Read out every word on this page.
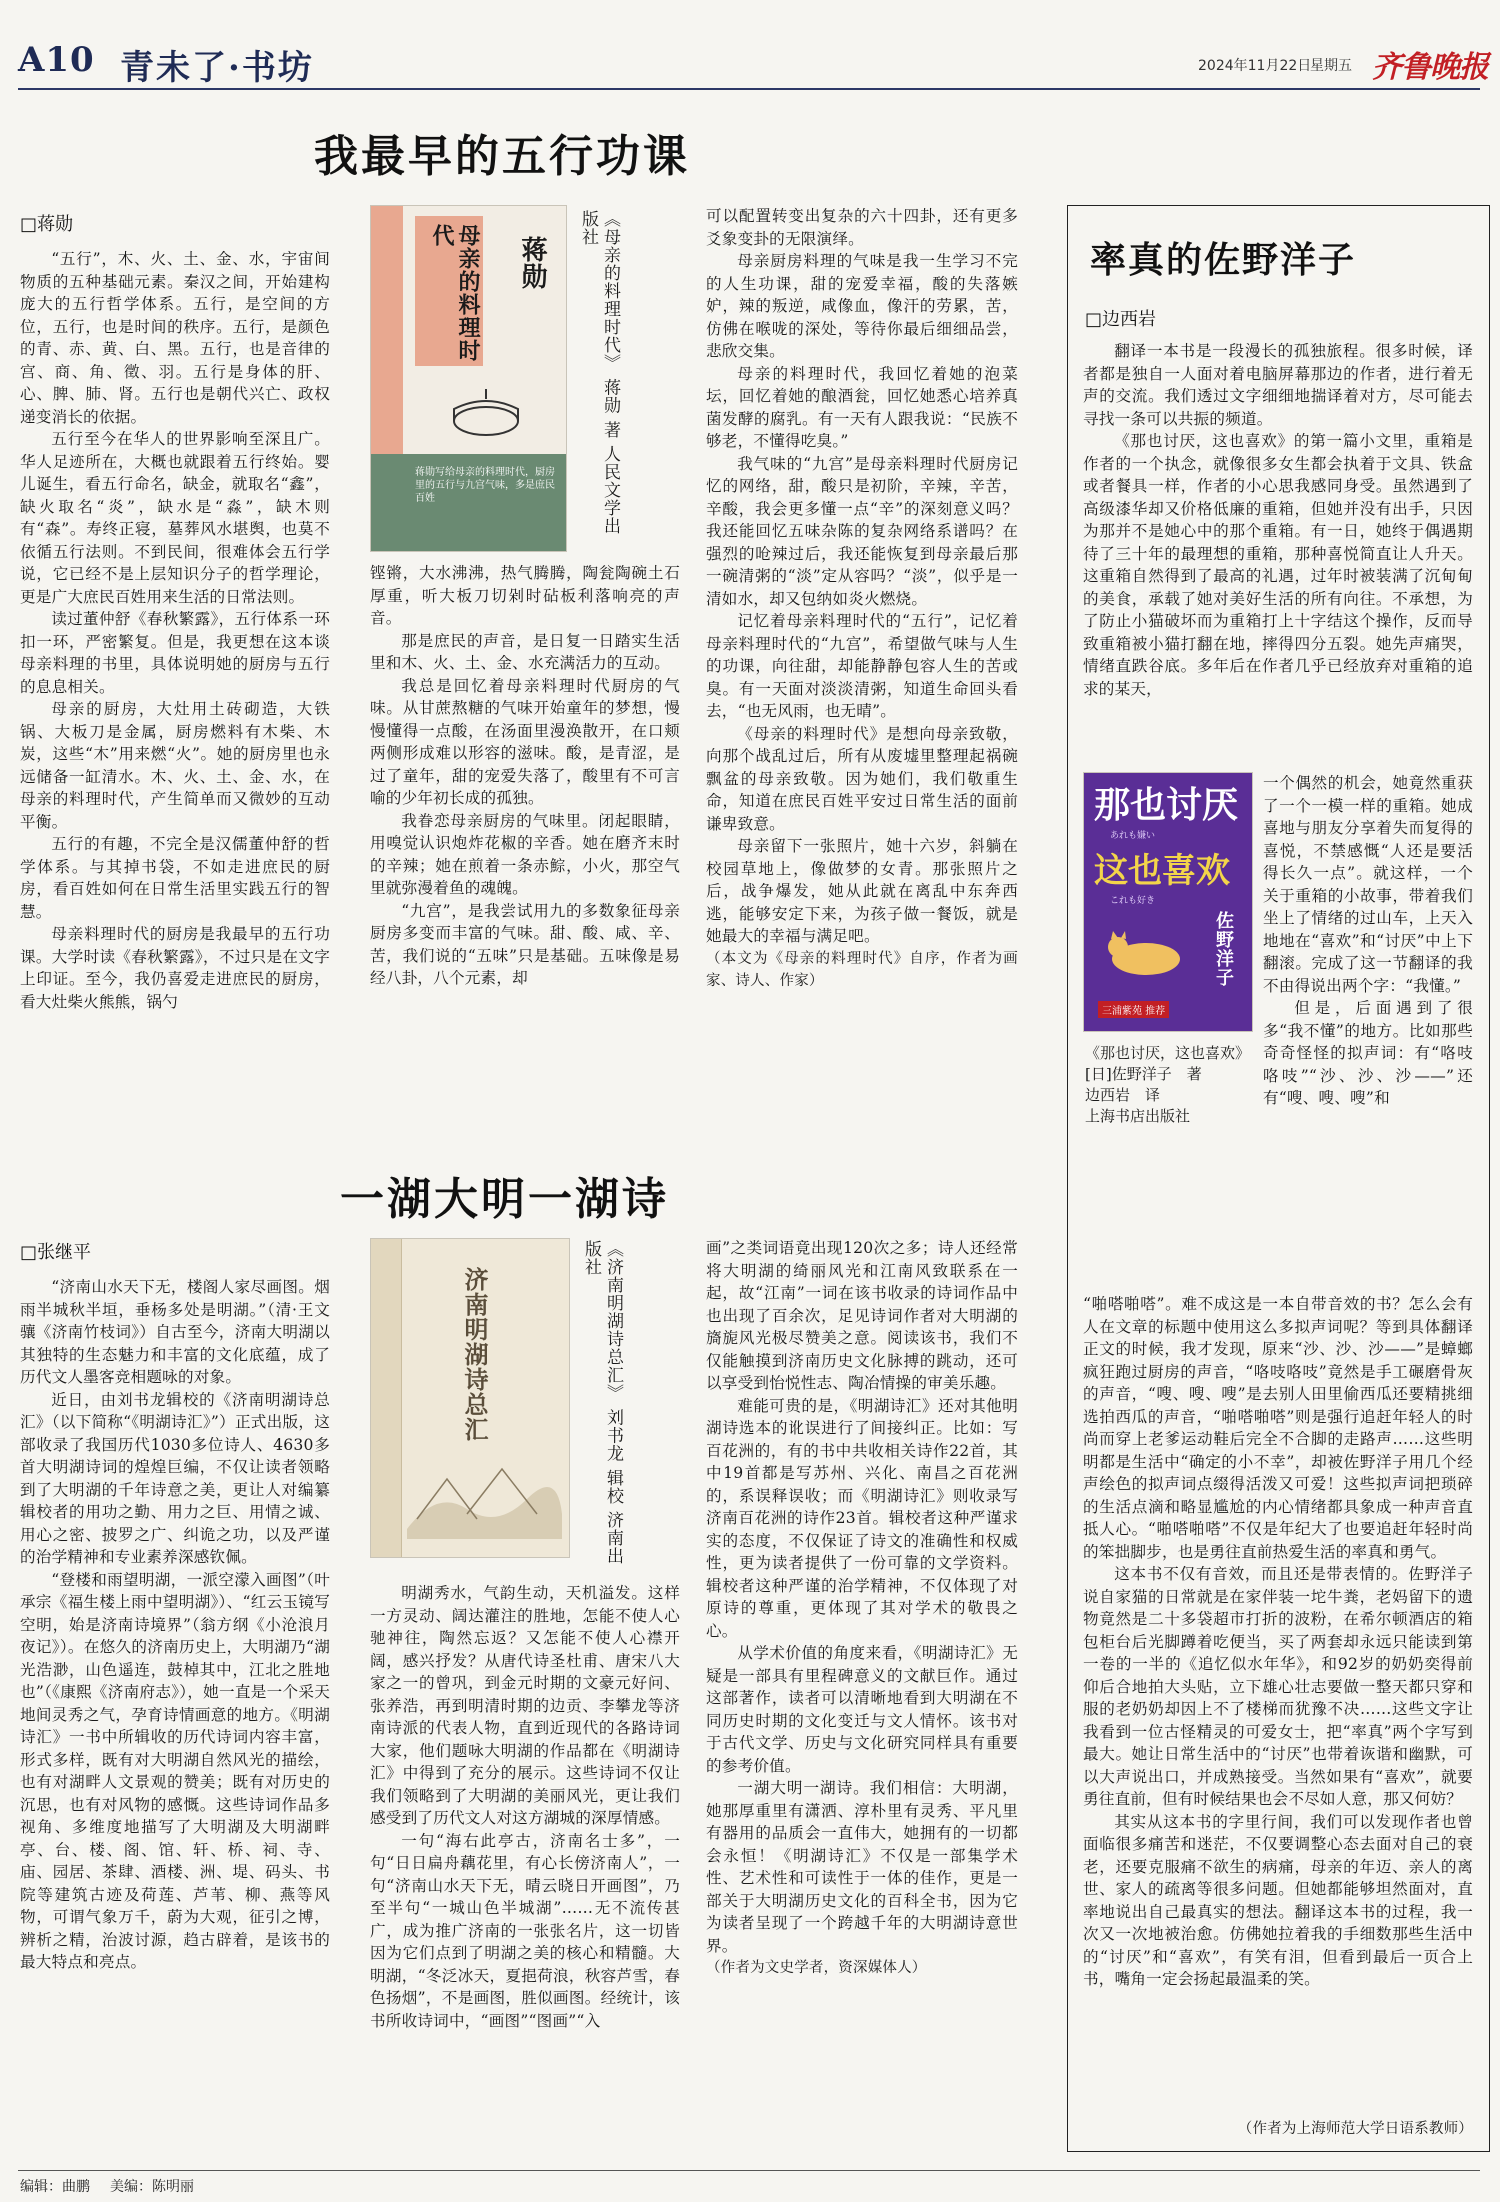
A10 青未了·书坊	2024年11月22日
星期五 齐鲁晚报
我最早的五行功课
□蒋勋

“五行”，木、火、土、金、水，宇宙间物质的五种基础元素。秦汉之间，开始建构庞大的五行哲学体系。五行，是空间的方位，五行，也是时间的秩序。五行，是颜色的青、赤、黄、白、黑。五行，也是音律的宫、商、角、徵、羽。五行是身体的肝、心、脾、肺、肾。五行也是朝代兴亡、政权递变消长的依据。

五行至今在华人的世界影响至深且广。华人足迹所在，大概也就跟着五行终始。婴儿诞生，看五行命名，缺金，就取名“鑫”，缺火取名“炎”，缺水是“淼”，缺木则有“森”。寿终正寝，墓葬风水堪舆，也莫不依循五行法则。不到民间，很难体会五行学说，它已经不是上层知识分子的哲学理论，更是广大庶民百姓用来生活的日常法则。

读过董仲舒《春秋繁露》，五行体系一环扣一环，严密繁复。但是，我更想在这本谈母亲料理的书里，具体说明她的厨房与五行的息息相关。

母亲的厨房，大灶用土砖砌造，大铁锅、大板刀是金属，厨房燃料有木柴、木炭，这些“木”用来燃“火”。她的厨房里也永远储备一缸清水。木、火、土、金、水，在母亲的料理时代，产生简单而又微妙的互动平衡。

五行的有趣，不完全是汉儒董仲舒的哲学体系。与其掉书袋，不如走进庶民的厨房，看百姓如何在日常生活里实践五行的智慧。

母亲料理时代的厨房是我最早的五行功课。大学时读《春秋繁露》，不过只是在文字上印证。至今，我仍喜爱走进庶民的厨房，看大灶柴火熊熊，锅勺

母亲的料理时代
蒋勋
蒋勋写给母亲的料理时代，厨房里的五行与九宫气味，多是庶民百姓	《母亲的料理时代》 蒋勋 著 人民文学出版社

铿锵，大水沸沸，热气腾腾，陶瓮陶碗土石厚重，听大板刀切剁时砧板利落响亮的声音。

那是庶民的声音，是日复一日踏实生活里和木、火、土、金、水充满活力的互动。

我总是回忆着母亲料理时代厨房的气味。从甘蔗熬糖的气味开始童年的梦想，慢慢懂得一点酸，在汤面里漫涣散开，在口颊两侧形成难以形容的滋味。酸，是青涩，是过了童年，甜的宠爱失落了，酸里有不可言喻的少年初长成的孤独。

我眷恋母亲厨房的气味里。闭起眼睛，用嗅觉认识炮炸花椒的辛香。她在磨齐末时的辛辣；她在煎着一条赤鯮，小火，那空气里就弥漫着鱼的魂魄。

“九宫”，是我尝试用九的多数象征母亲厨房多变而丰富的气味。甜、酸、咸、辛、苦，我们说的“五味”只是基础。五味像是易经八卦，八个元素，却

可以配置转变出复杂的六十四卦，还有更多爻象变卦的无限演绎。

母亲厨房料理的气味是我一生学习不完的人生功课，甜的宠爱幸福，酸的失落嫉妒，辣的叛逆，咸像血，像汗的劳累，苦，仿佛在喉咙的深处，等待你最后细细品尝，悲欣交集。

母亲的料理时代，我回忆着她的泡菜坛，回忆着她的酿酒瓮，回忆她悉心培养真菌发酵的腐乳。有一天有人跟我说：“民族不够老，不懂得吃臭。”

我气味的“九宫”是母亲料理时代厨房记忆的网络，甜，酸只是初阶，辛辣，辛苦，辛酸，我会更多懂一点“辛”的深刻意义吗？我还能回忆五味杂陈的复杂网络系谱吗？在强烈的呛辣过后，我还能恢复到母亲最后那一碗清粥的“淡”定从容吗？“淡”，似乎是一清如水，却又包纳如炎火燃烧。

记忆着母亲料理时代的“五行”，记忆着母亲料理时代的“九宫”，希望做气味与人生的功课，向往甜，却能静静包容人生的苦或臭。有一天面对淡淡清粥，知道生命回头看去，“也无风雨，也无晴”。

《母亲的料理时代》是想向母亲致敬，向那个战乱过后，所有从废墟里整理起祸碗飘盆的母亲致敬。因为她们，我们敬重生命，知道在庶民百姓平安过日常生活的面前谦卑致意。

母亲留下一张照片，她十六岁，斜躺在校园草地上，像做梦的女青。那张照片之后，战争爆发，她从此就在离乱中东奔西逃，能够安定下来，为孩子做一餐饭，就是她最大的幸福与满足吧。

（本文为《母亲的料理时代》自序，作者为画家、诗人、作家）

一湖大明一湖诗
□张继平

“济南山水天下无，楼阁人家尽画图。烟雨半城秋半垣，垂杨多处是明湖。”（清·王文骧《济南竹枝词》）自古至今，济南大明湖以其独特的生态魅力和丰富的文化底蕴，成了历代文人墨客竞相题咏的对象。

近日，由刘书龙辑校的《济南明湖诗总汇》（以下简称“《明湖诗汇》”）正式出版，这部收录了我国历代1030多位诗人、4630多首大明湖诗词的煌煌巨编，不仅让读者领略到了大明湖的千年诗意之美，更让人对编纂辑校者的用功之勤、用力之巨、用情之诚、用心之密、披罗之广、纠诡之功，以及严谨的治学精神和专业素养深感钦佩。

“登楼和雨望明湖，一派空濛入画图”（叶承宗《福生楼上雨中望明湖》）、“红云玉镜写空明，始是济南诗境界”（翁方纲《小沧浪月夜记》）。在悠久的济南历史上，大明湖乃“湖光浩渺，山色遥连，鼓棹其中，江北之胜地也”（《康熙《济南府志》），她一直是一个采天地间灵秀之气，孕育诗情画意的地方。《明湖诗汇》一书中所辑收的历代诗词内容丰富，形式多样，既有对大明湖自然风光的描绘，也有对湖畔人文景观的赞美；既有对历史的沉思，也有对风物的感慨。这些诗词作品多视角、多维度地描写了大明湖及大明湖畔亭、台、楼、阁、馆、轩、桥、祠、寺、庙、园居、茶肆、酒楼、洲、堤、码头、书院等建筑古迹及荷莲、芦苇、柳、燕等风物，可谓气象万千，蔚为大观，征引之博，辨析之精，治波讨源，趋古辟着，是该书的最大特点和亮点。

济南明湖诗总汇	《济南明湖诗总汇》 刘书龙 辑校 济南出版社

明湖秀水，气韵生动，天机溢发。这样一方灵动、阔达灌注的胜地，怎能不使人心驰神往，陶然忘返？又怎能不使人心襟开阔，感兴抒发？从唐代诗圣杜甫、唐宋八大家之一的曾巩，到金元时期的文豪元好问、张养浩，再到明清时期的边贡、李攀龙等济南诗派的代表人物，直到近现代的各路诗词大家，他们题咏大明湖的作品都在《明湖诗汇》中得到了充分的展示。这些诗词不仅让我们领略到了大明湖的美丽风光，更让我们感受到了历代文人对这方湖城的深厚情感。

一句“海右此亭古，济南名士多”，一句“日日扁舟藕花里，有心长傍济南人”，一句“济南山水天下无，晴云晓日开画图”，乃至半句“一城山色半城湖”……无不流传甚广，成为推广济南的一张张名片，这一切皆因为它们点到了明湖之美的核心和精髓。大明湖，“冬泛冰天，夏挹荷浪，秋容芦雪，春色扬烟”，不是画图，胜似画图。经统计，该书所收诗词中，“画图”“图画”“入

画”之类词语竟出现120次之多；诗人还经常将大明湖的绮丽风光和江南风致联系在一起，故“江南”一词在该书收录的诗词作品中也出现了百余次，足见诗词作者对大明湖的旖旎风光极尽赞美之意。阅读该书，我们不仅能触摸到济南历史文化脉搏的跳动，还可以享受到怡悦性志、陶冶情操的审美乐趣。

难能可贵的是，《明湖诗汇》还对其他明湖诗选本的讹误进行了间接纠正。比如：写百花洲的，有的书中共收相关诗作22首，其中19首都是写苏州、兴化、南昌之百花洲的，系误释误收；而《明湖诗汇》则收录写济南百花洲的诗作23首。辑校者这种严谨求实的态度，不仅保证了诗文的准确性和权威性，更为读者提供了一份可靠的文学资料。辑校者这种严谨的治学精神，不仅体现了对原诗的尊重，更体现了其对学术的敬畏之心。

从学术价值的角度来看，《明湖诗汇》无疑是一部具有里程碑意义的文献巨作。通过这部著作，读者可以清晰地看到大明湖在不同历史时期的文化变迁与文人情怀。该书对于古代文学、历史与文化研究同样具有重要的参考价值。

一湖大明一湖诗。我们相信：大明湖，她那厚重里有潇洒、淳朴里有灵秀、平凡里有器用的品质会一直伟大，她拥有的一切都会永恒！《明湖诗汇》不仅是一部集学术性、艺术性和可读性于一体的佳作，更是一部关于大明湖历史文化的百科全书，因为它为读者呈现了一个跨越千年的大明湖诗意世界。

（作者为文史学者，资深媒体人）

率真的佐野洋子
□边西岩

翻译一本书是一段漫长的孤独旅程。很多时候，译者都是独自一人面对着电脑屏幕那边的作者，进行着无声的交流。我们透过文字细细地揣译着对方，尽可能去寻找一条可以共振的频道。

《那也讨厌，这也喜欢》的第一篇小文里，重箱是作者的一个执念，就像很多女生都会执着于文具、铁盒或者餐具一样，作者的小心思我感同身受。虽然遇到了高级漆华却又价格低廉的重箱，但她并没有出手，只因为那并不是她心中的那个重箱。有一日，她终于偶遇期待了三十年的最理想的重箱，那种喜悦简直让人升天。这重箱自然得到了最高的礼遇，过年时被装满了沉甸甸的美食，承载了她对美好生活的所有向往。不承想，为了防止小猫破坏而为重箱打上十字结这个操作，反而导致重箱被小猫打翻在地，摔得四分五裂。她先声痛哭，情绪直跌谷底。多年后在作者几乎已经放弃对重箱的追求的某天，

那也讨厌
あれも嫌い
这也喜欢
これも好き
佐野洋子
三浦紫苑 推荐

一个偶然的机会，她竟然重获了一个一模一样的重箱。她成喜地与朋友分享着失而复得的喜悦，不禁感慨“人还是要活得长久一点”。就这样，一个关于重箱的小故事，带着我们坐上了情绪的过山车，上天入地地在“喜欢”和“讨厌”中上下翻滚。完成了这一节翻译的我不由得说出两个字：“我懂。”

但是，后面遇到了很多“我不懂”的地方。比如那些奇奇怪怪的拟声词：有“咯吱咯吱”“沙、沙、沙——”还有“嗖、嗖、嗖”和

《那也讨厌，这也喜欢》
[日]佐野洋子　著
边西岩　译
上海书店出版社

“啪嗒啪嗒”。难不成这是一本自带音效的书？怎么会有人在文章的标题中使用这么多拟声词呢？等到具体翻译正文的时候，我才发现，原来“沙、沙、沙——”是蟑螂疯狂跑过厨房的声音，“咯吱咯吱”竟然是手工碾磨骨灰的声音，“嗖、嗖、嗖”是去别人田里偷西瓜还要精挑细选拍西瓜的声音，“啪嗒啪嗒”则是强行追赶年轻人的时尚而穿上老爹运动鞋后完全不合脚的走路声……这些明明都是生活中“确定的小不幸”，却被佐野洋子用几个经声绘色的拟声词点缀得活泼又可爱！这些拟声词把琐碎的生活点滴和略显尴尬的内心情绪都具象成一种声音直抵人心。“啪嗒啪嗒”不仅是年纪大了也要追赶年轻时尚的笨拙脚步，也是勇往直前热爱生活的率真和勇气。

这本书不仅有音效，而且还是带表情的。佐野洋子说自家猫的日常就是在家伴装一坨牛粪，老妈留下的遗物竟然是二十多袋超市打折的波粉，在希尔顿酒店的箱包柜台后光脚蹲着吃便当，买了两套却永远只能读到第一卷的一半的《追忆似水年华》，和92岁的奶奶奕得前仰后合地拍大头贴，立下雄心壮志要做一整天都只穿和服的老奶奶却因上不了楼梯而犹豫不决……这些文字让我看到一位古怪精灵的可爱女士，把“率真”两个字写到最大。她让日常生活中的“讨厌”也带着诙谐和幽默，可以大声说出口，并成熟接受。当然如果有“喜欢”，就要勇往直前，但有时候结果也会不尽如人意，那又何妨？

其实从这本书的字里行间，我们可以发现作者也曾面临很多痛苦和迷茫，不仅要调整心态去面对自己的衰老，还要克服痛不欲生的病痛，母亲的年迈、亲人的离世、家人的疏离等很多问题。但她都能够坦然面对，直率地说出自己最真实的想法。翻译这本书的过程，我一次又一次地被治愈。仿佛她拉着我的手细数那些生活中的“讨厌”和“喜欢”，有笑有泪，但看到最后一页合上书，嘴角一定会扬起最温柔的笑。

（作者为上海师范大学日语系教师）

编辑：曲鹏 美编：陈明丽
